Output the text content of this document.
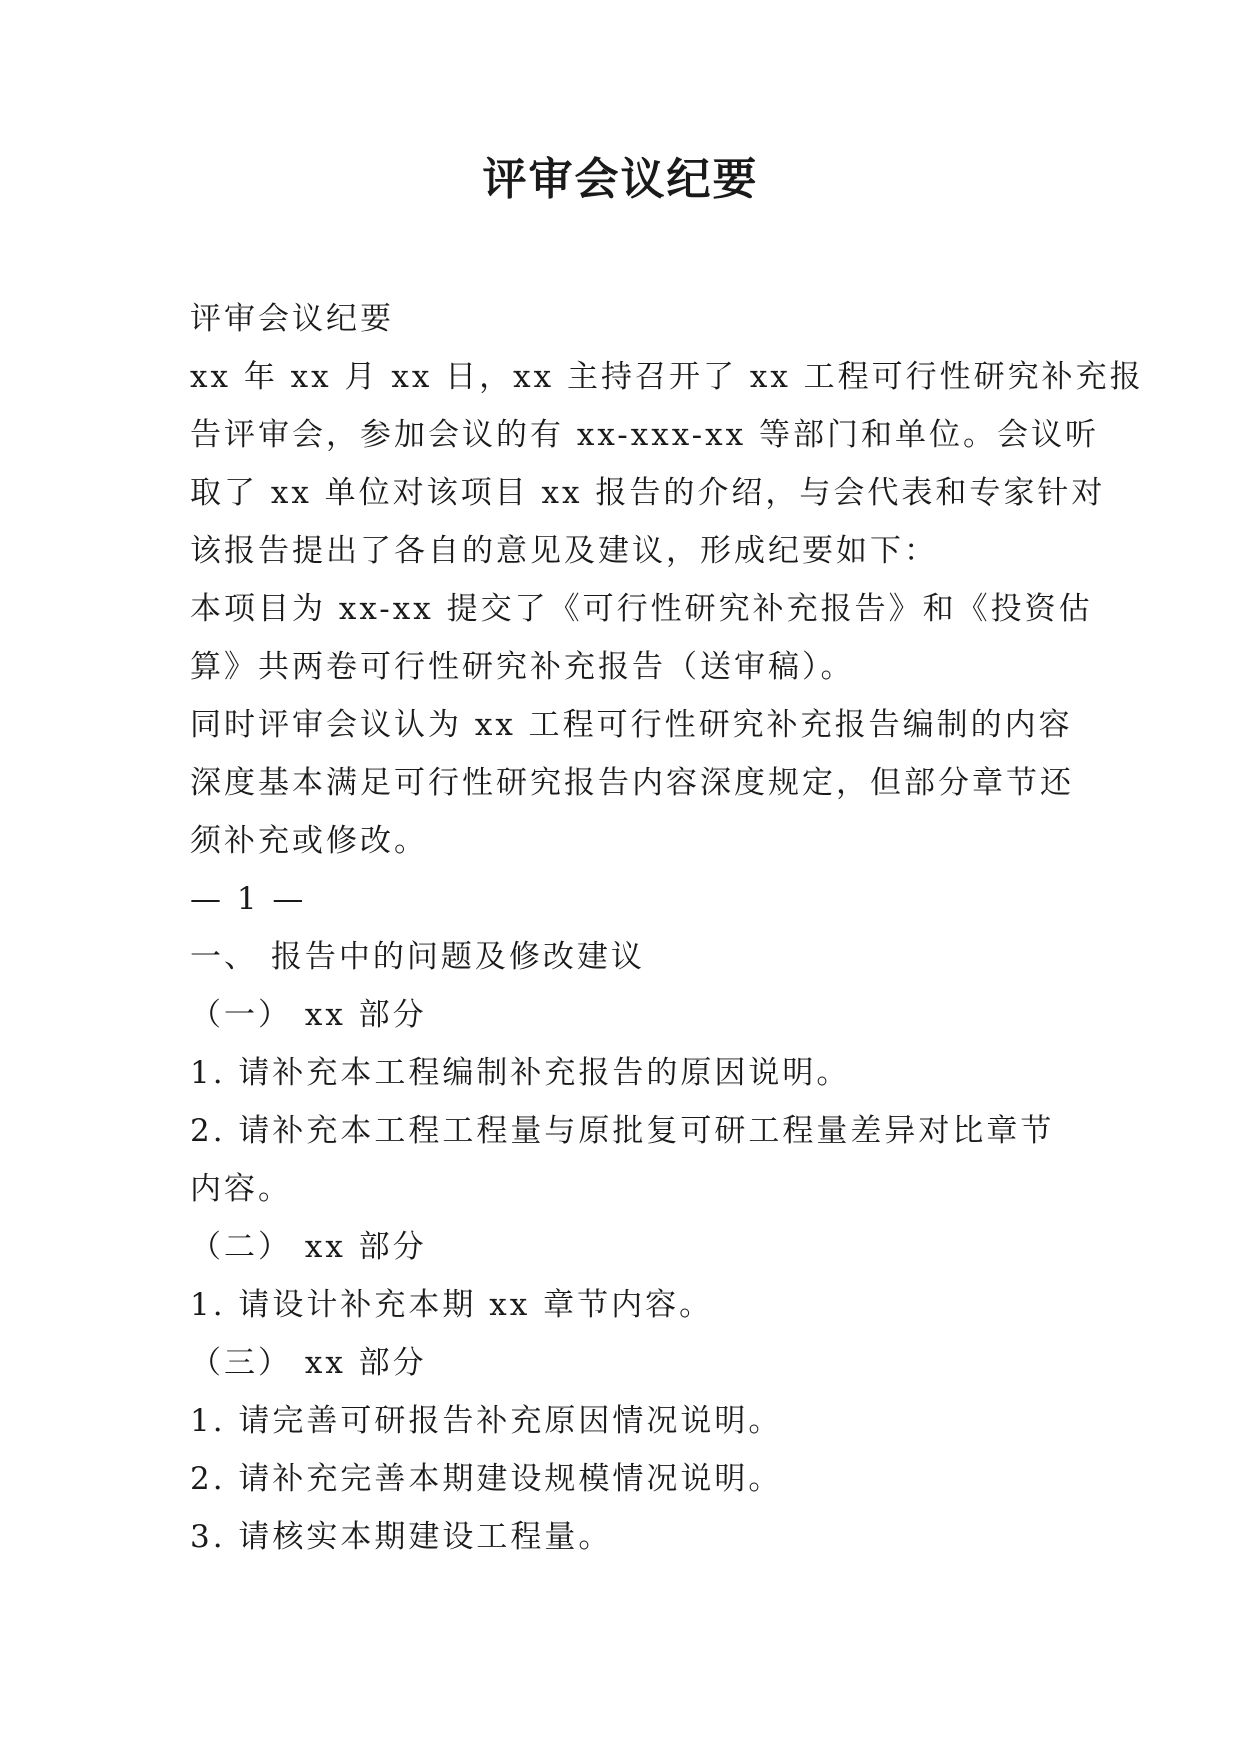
评审会议纪要
评审会议纪要
xx 年 xx 月 xx 日，xx 主持召开了 xx 工程可行性研究补充报
告评审会，参加会议的有 xx-xxx-xx 等部门和单位。会议听
取了 xx 单位对该项目 xx 报告的介绍，与会代表和专家针对
该报告提出了各自的意见及建议，形成纪要如下：
本项目为 xx-xx 提交了《可行性研究补充报告》和《投资估
算》共两卷可行性研究补充报告（送审稿）。
同时评审会议认为 xx 工程可行性研究补充报告编制的内容
深度基本满足可行性研究报告内容深度规定，但部分章节还
须补充或修改。
— 1 —
一、 报告中的问题及修改建议
（一） xx 部分
1. 请补充本工程编制补充报告的原因说明。
2. 请补充本工程工程量与原批复可研工程量差异对比章节
内容。
（二） xx 部分
1. 请设计补充本期 xx 章节内容。
（三） xx 部分
1. 请完善可研报告补充原因情况说明。
2. 请补充完善本期建设规模情况说明。
3. 请核实本期建设工程量。
